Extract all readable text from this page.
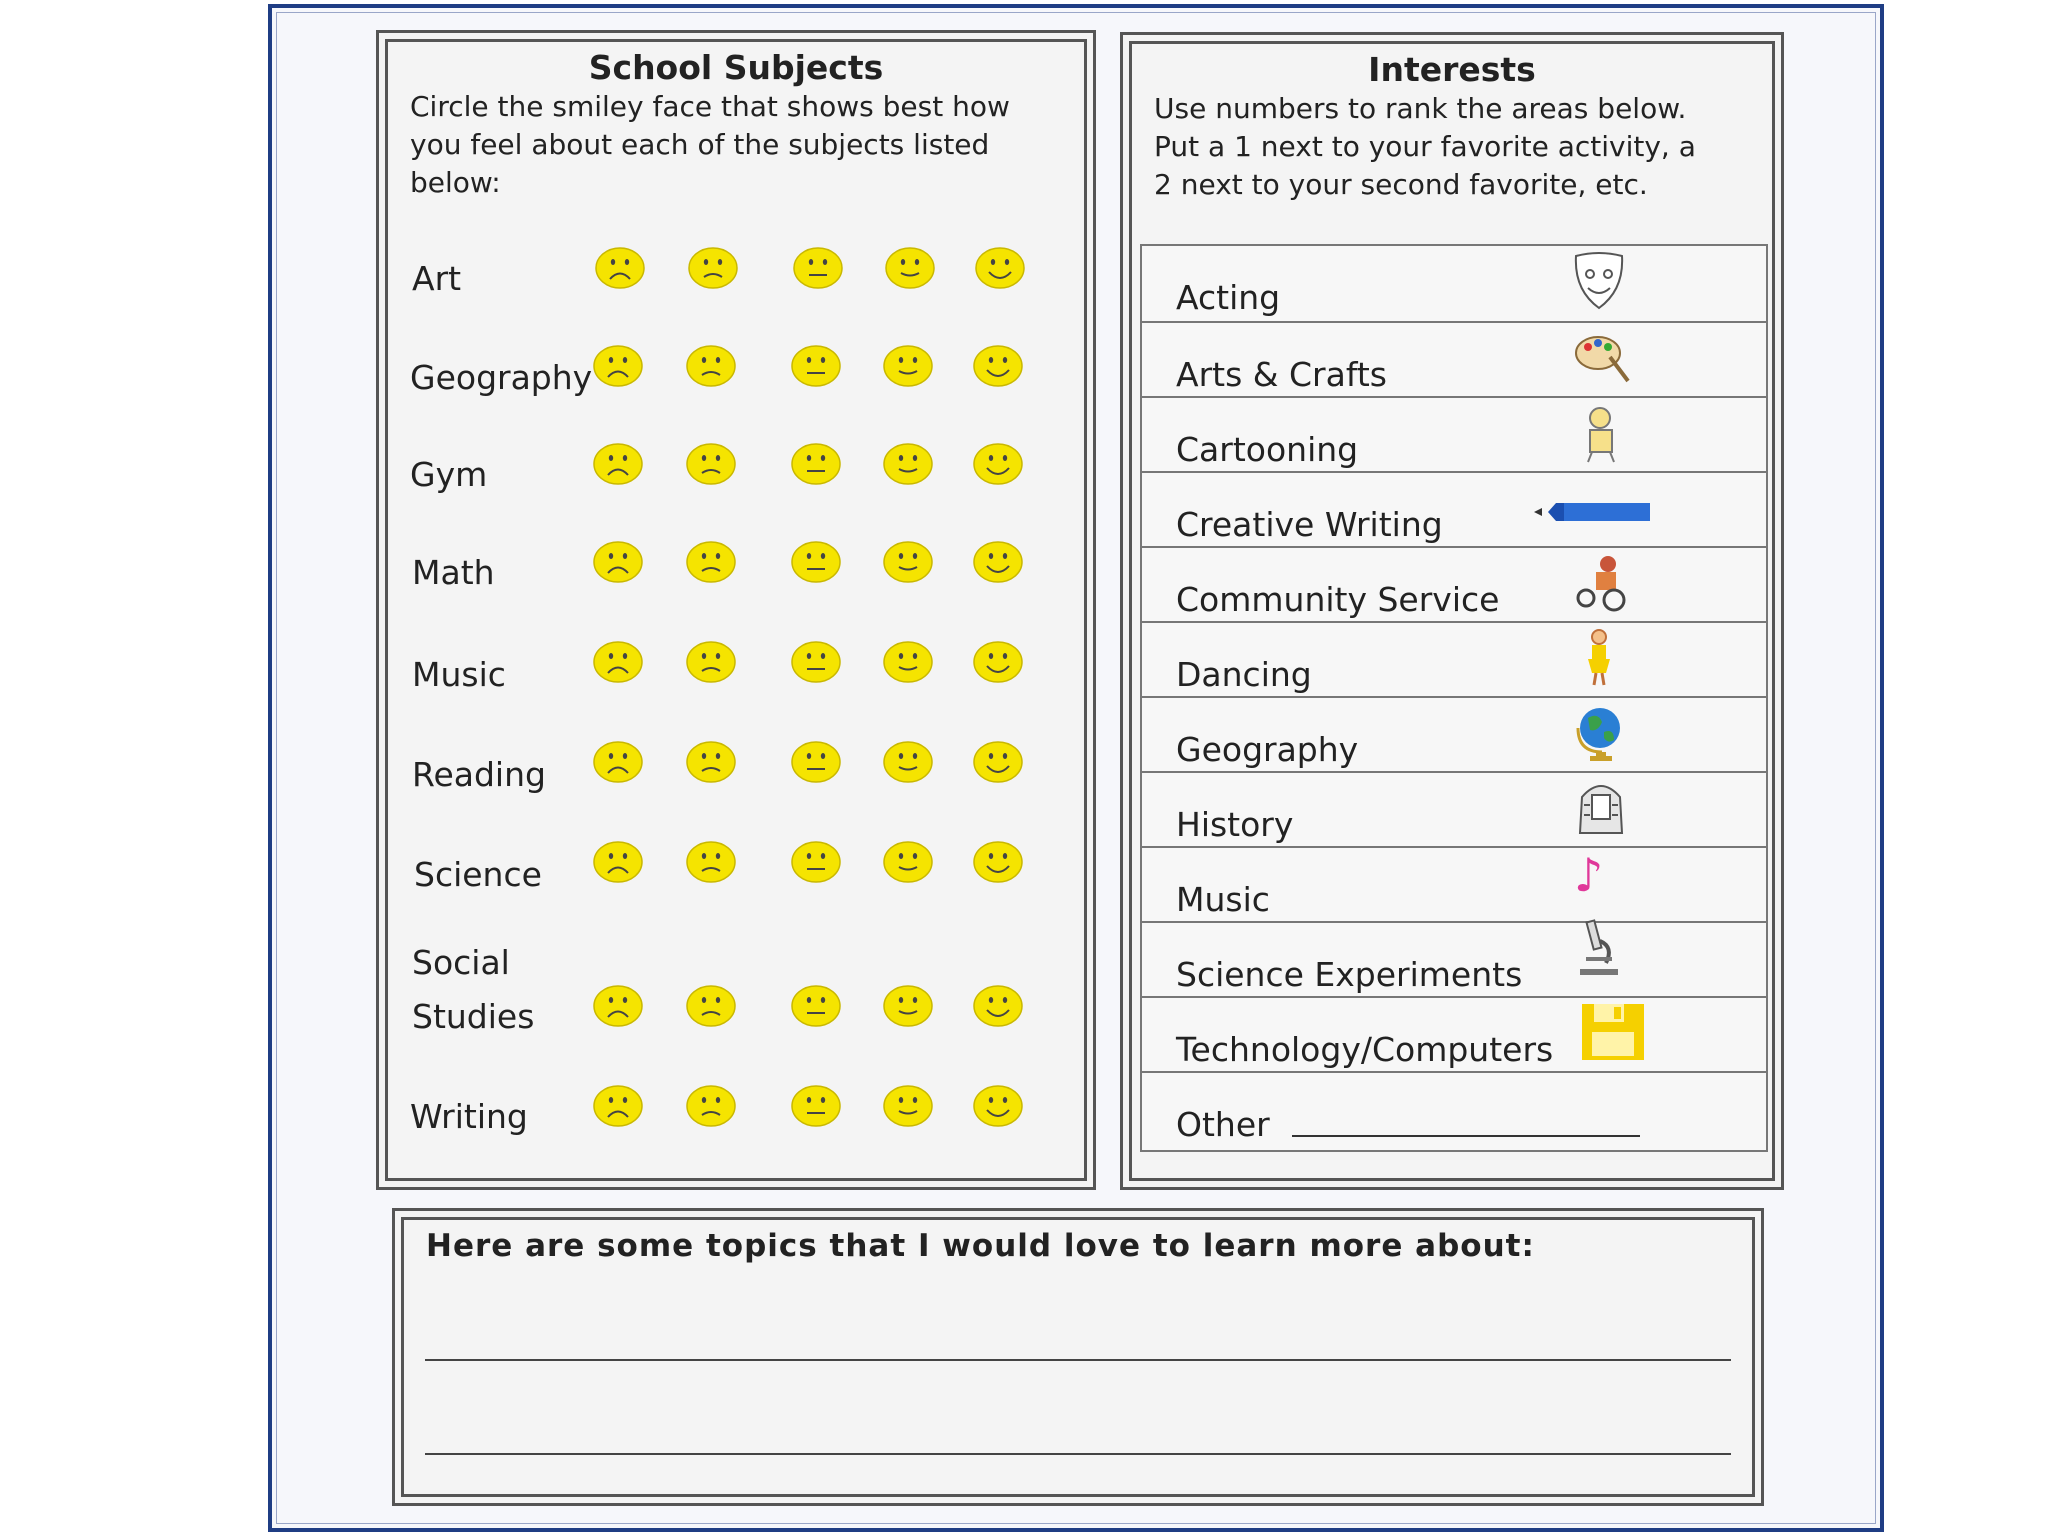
School Subjects
Circle the smiley face that shows best how
you feel about each of the subjects listed
below:
Art
Geography
Gym
Math
Music
Reading
Science
Social
Studies
Writing
Interests
Use numbers to rank the areas below.
Put a 1 next to your favorite activity, a
2 next to your second favorite, etc.
Acting
Arts & Crafts
Cartooning
Creative Writing
Community Service
Dancing
Geography
History
Music	♪
Science Experiments
Technology/Computers
Other
Here are some topics that I would love to learn more about:
